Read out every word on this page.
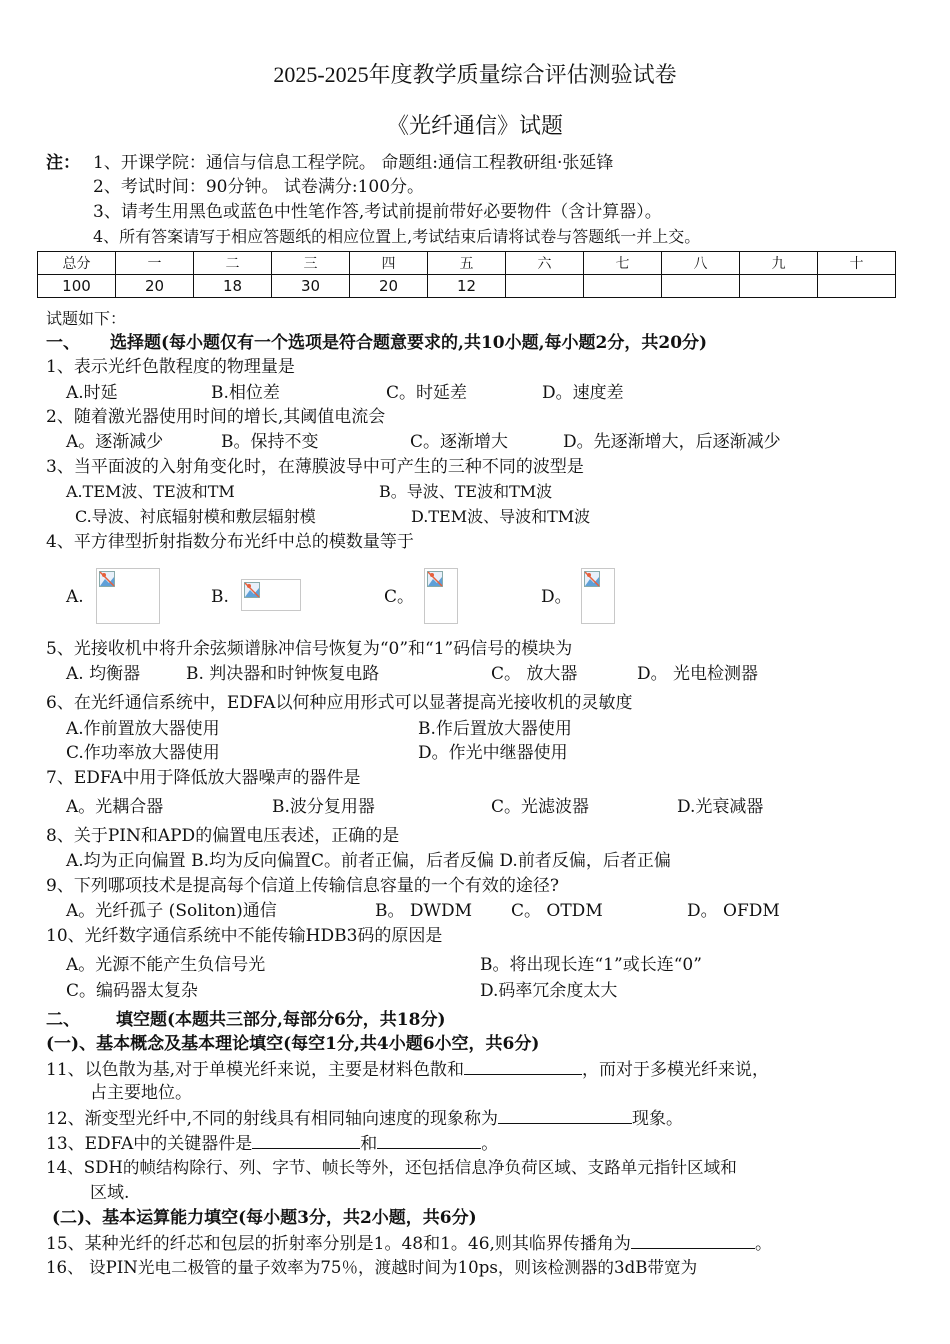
2025-2025年度教学质量综合评估测验试卷
《光纤通信》试题
注： 1、开课学院：通信与信息工程学院。 命题组:通信工程教研组·张延锋
2、考试时间：90分钟。 试卷满分:100分。
3、请考生用黑色或蓝色中性笔作答,考试前提前带好必要物件（含计算器）。
4、所有答案请写于相应答题纸的相应位置上,考试结束后请将试卷与答题纸一并上交。
总分	一	二	三	四	五	六	七	八	九	十
100	20	18	30	20	12					
试题如下：
一、 选择题(每小题仅有一个选项是符合题意要求的,共10小题,每小题2分，共20分)
1、表示光纤色散程度的物理量是
A.时延	B.相位差	C。时延差	D。速度差
2、随着激光器使用时间的增长,其阈值电流会
A。逐渐减少	B。保持不变	C。逐渐增大	D。先逐渐增大，后逐渐减少
3、当平面波的入射角变化时，在薄膜波导中可产生的三种不同的波型是
A.TEM波、TE波和TM	B。导波、TE波和TM波
C.导波、衬底辐射模和敷层辐射模	D.TEM波、导波和TM波
4、平方律型折射指数分布光纤中总的模数量等于
A.	B.	C。	D。
5、光接收机中将升余弦频谱脉冲信号恢复为“0”和“1”码信号的模块为
A. 均衡器	B. 判决器和时钟恢复电路	C。 放大器	D。 光电检测器
6、在光纤通信系统中，EDFA以何种应用形式可以显著提高光接收机的灵敏度
A.作前置放大器使用	B.作后置放大器使用
C.作功率放大器使用	D。作光中继器使用
7、EDFA中用于降低放大器噪声的器件是
A。光耦合器	B.波分复用器	C。光滤波器	D.光衰减器
8、关于PIN和APD的偏置电压表述，正确的是
A.均为正向偏置 B.均为反向偏置C。前者正偏，后者反偏 D.前者反偏，后者正偏
9、下列哪项技术是提高每个信道上传输信息容量的一个有效的途径?
A。光纤孤子 (Soliton)通信	B。 DWDM C。 OTDM	D。 OFDM
10、光纤数字通信系统中不能传输HDB3码的原因是
A。光源不能产生负信号光	B。将出现长连“1”或长连“0”
C。编码器太复杂	D.码率冗余度太大
二、 填空题(本题共三部分,每部分6分，共18分)
(一)、基本概念及基本理论填空(每空1分,共4小题6小空，共6分)
11、以色散为基,对于单模光纤来说，主要是材料色散和	，而对于多模光纤来说，
占主要地位。
12、渐变型光纤中,不同的射线具有相同轴向速度的现象称为	现象。
13、EDFA中的关键器件是	和	。
14、SDH的帧结构除行、列、字节、帧长等外，还包括信息净负荷区域、支路单元指针区域和
区域.
(二)、基本运算能力填空(每小题3分，共2小题，共6分)
15、某种光纤的纤芯和包层的折射率分别是1。48和1。46,则其临界传播角为	。
16、 设PIN光电二极管的量子效率为75％，渡越时间为10ps，则该检测器的3dB带宽为
